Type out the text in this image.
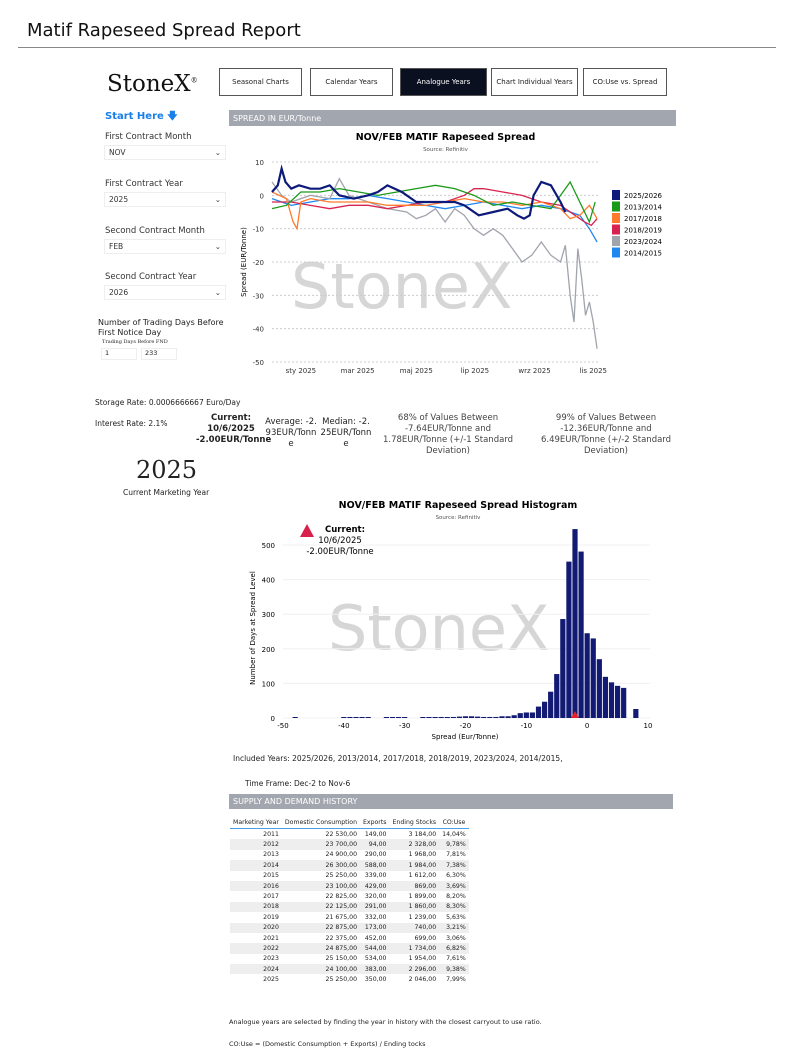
Matif Rapeseed Spread Report
StoneX®	Seasonal Charts	Calendar Years	Analogue Years	Chart Individual Years	CO:Use vs. Spread
Start Here 🡇
First Contract Month
NOV	⌄
First Contract Year
2025	⌄
Second Contract Month
FEB	⌄
Second Contract Year
2026	⌄
Number of Trading Days Before First Notice Day
Trading Days Before FND
1	233
Storage Rate: 0.0006666667 Euro/Day
Interest Rate: 2.1%
2025
Current Marketing Year
SPREAD IN EUR/Tonne
NOV/FEB MATIF Rapeseed Spread
Source: Refinitiv
StoneX
10
0
-10
-20
-30
-40
-50
sty 2025	mar 2025	maj 2025	lip 2025	wrz 2025	lis 2025
Spread (EUR/Tonne)
2025/2026
2013/2014
2017/2018
2018/2019
2023/2024
2014/2015
Current:
10/6/2025
-2.00EUR/Tonne
Average: -2.93EUR/Tonne
Median: -2.25EUR/Tonne
68% of Values Between -7.64EUR/Tonne and 1.78EUR/Tonne (+/-1 Standard Deviation)
99% of Values Between -12.36EUR/Tonne and 6.49EUR/Tonne (+/-2 Standard Deviation)
NOV/FEB MATIF Rapeseed Spread Histogram
Source: Refinitiv
StoneX
0
100
200
300
400
500
-50	-40	-30	-20	-10	0	10
Spread (Eur/Tonne)
Number of Days at Spread Level
Current:
10/6/2025
-2.00EUR/Tonne
Included Years: 2025/2026, 2013/2014, 2017/2018, 2018/2019, 2023/2024, 2014/2015,
Time Frame: Dec-2 to Nov-6
SUPPLY AND DEMAND HISTORY
Marketing Year	Domestic Consumption	Exports	Ending Stocks	CO:Use
2011	22 530,00	149,00	3 184,00	14,04%
2012	23 700,00	94,00	2 328,00	9,78%
2013	24 900,00	290,00	1 968,00	7,81%
2014	26 300,00	588,00	1 984,00	7,38%
2015	25 250,00	339,00	1 612,00	6,30%
2016	23 100,00	429,00	869,00	3,69%
2017	22 825,00	320,00	1 899,00	8,20%
2018	22 125,00	291,00	1 860,00	8,30%
2019	21 675,00	332,00	1 239,00	5,63%
2020	22 875,00	173,00	740,00	3,21%
2021	22 375,00	452,00	699,00	3,06%
2022	24 875,00	544,00	1 734,00	6,82%
2023	25 150,00	534,00	1 954,00	7,61%
2024	24 100,00	383,00	2 296,00	9,38%
2025	25 250,00	350,00	2 046,00	7,99%
Analogue years are selected by finding the year in history with the closest carryout to use ratio.
CO:Use = (Domestic Consumption + Exports) / Ending tocks
